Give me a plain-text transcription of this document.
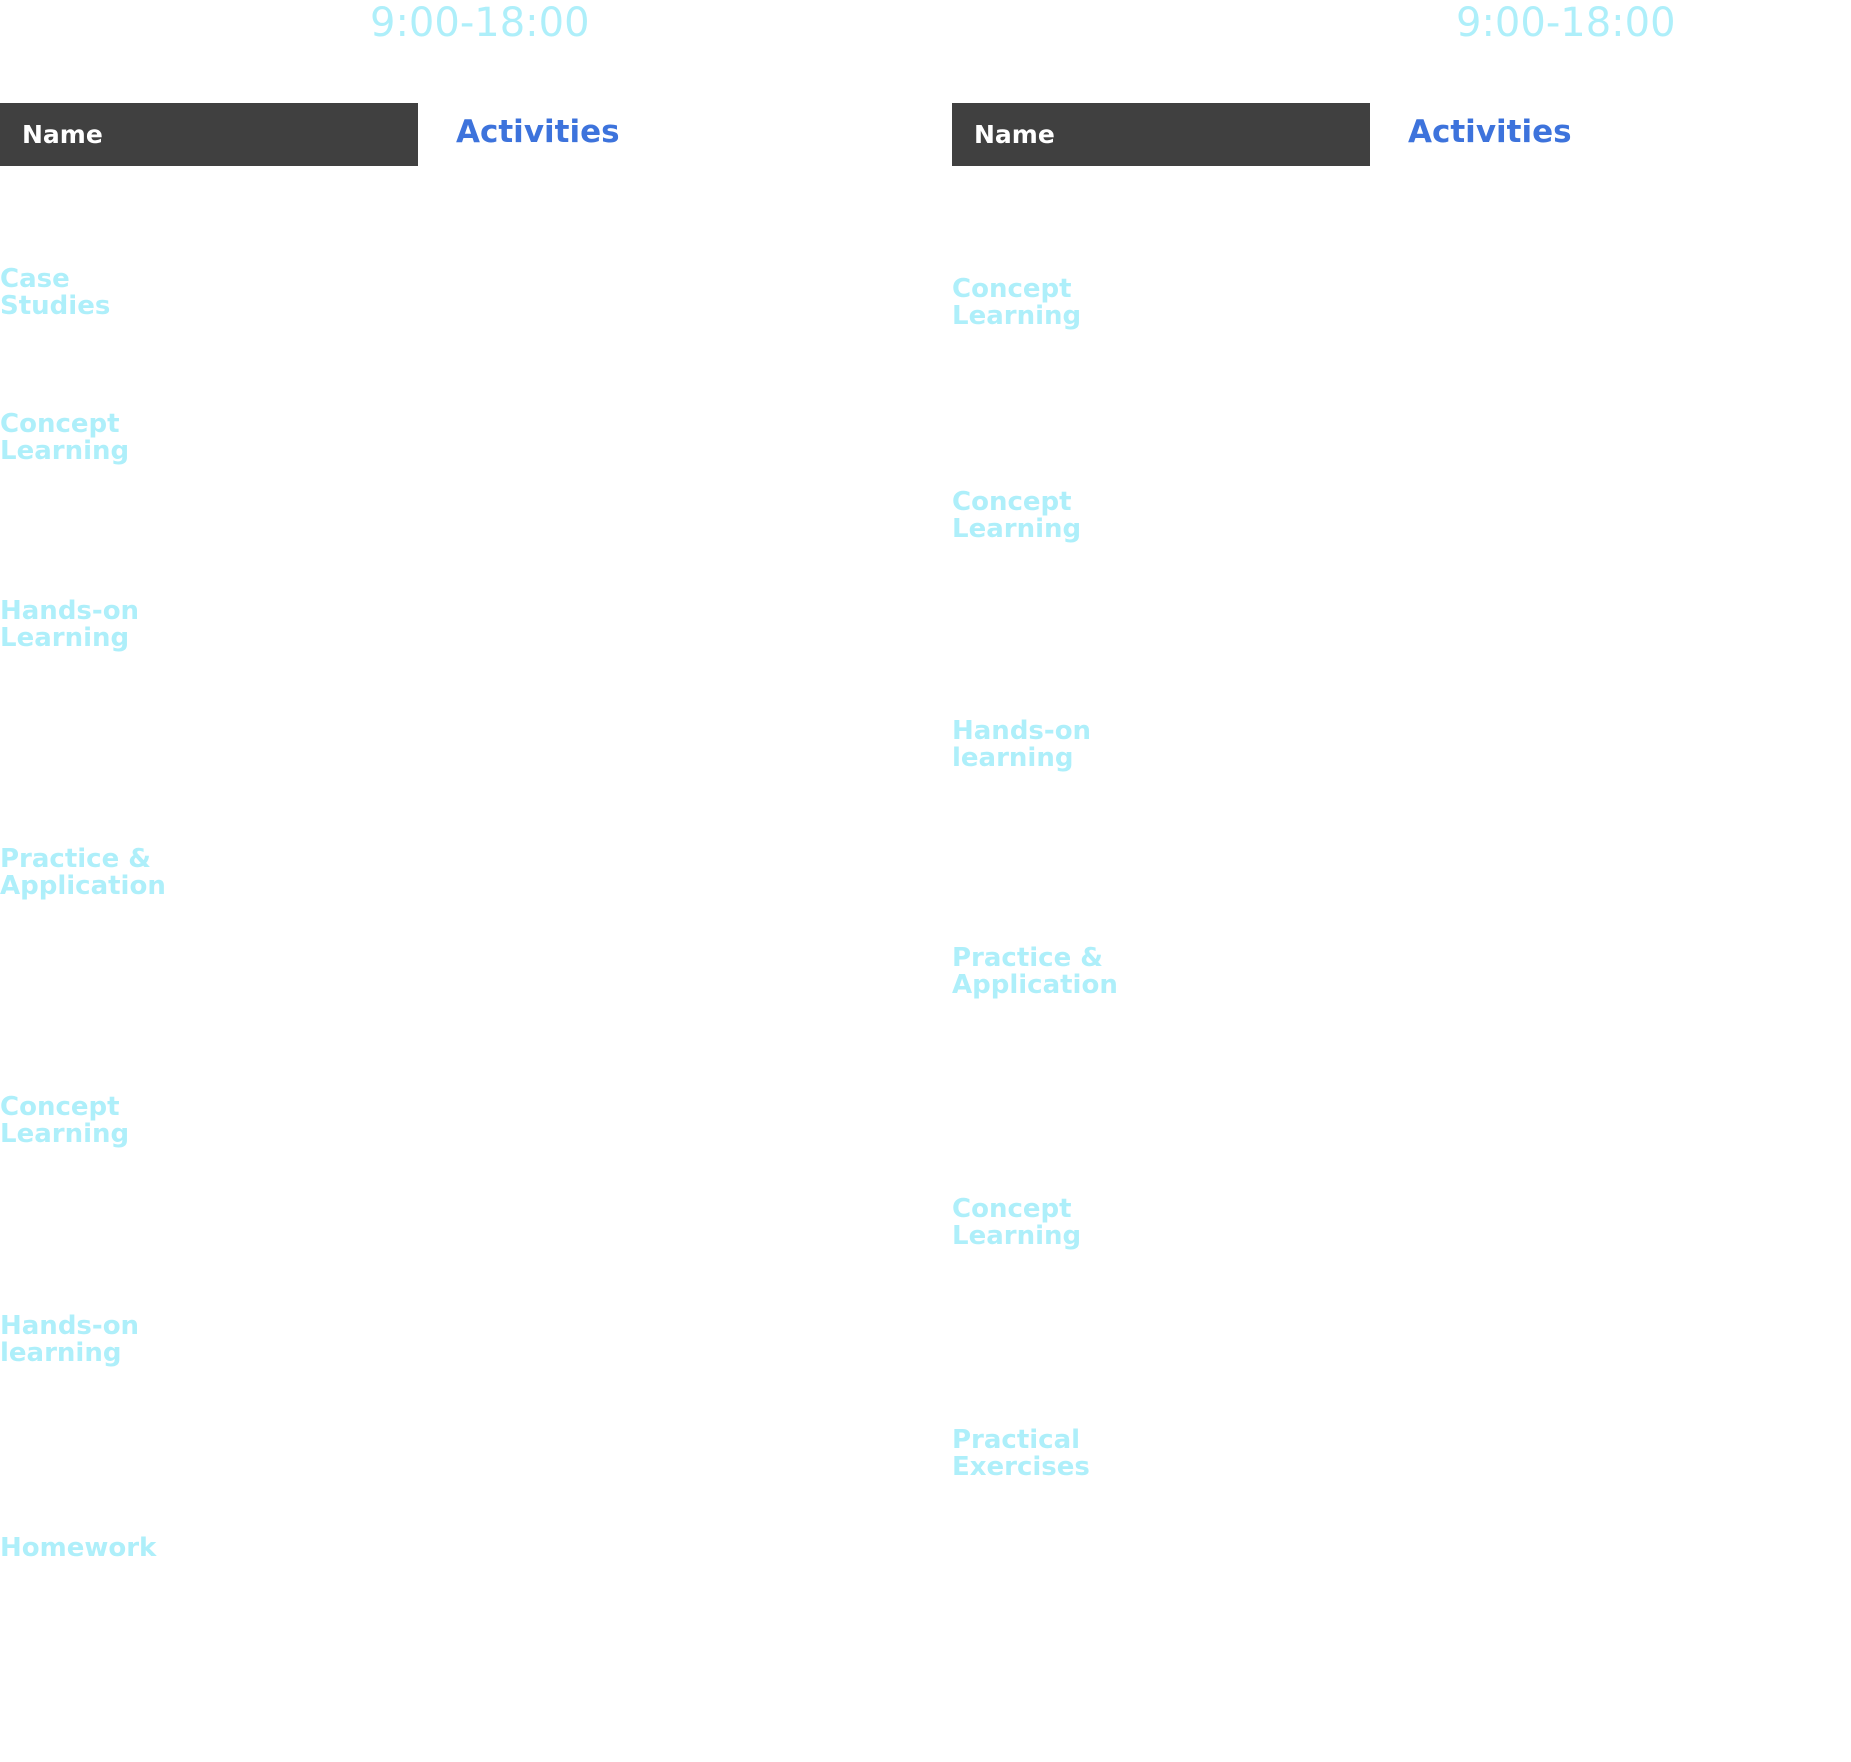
9:00-18:00
Name	Activities
Case
Studies
Concept
Learning
Hands-on
Learning
Practice &
Application
Concept
Learning
Hands-on
learning
Homework
9:00-18:00
Name	Activities
Concept
Learning
Concept
Learning
Hands-on
learning
Practice &
Application
Concept
Learning
Practical
Exercises
